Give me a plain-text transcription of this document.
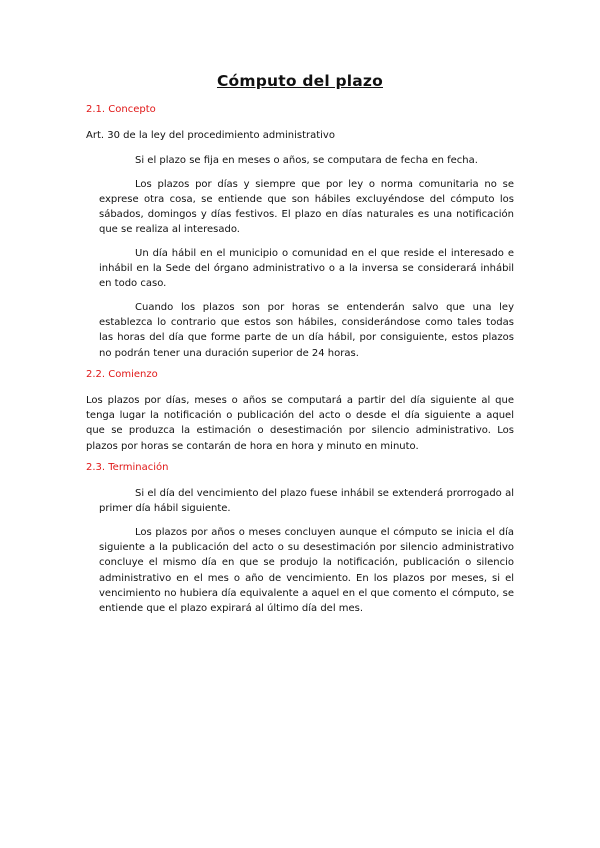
Cómputo del plazo
2.1. Concepto

Art. 30 de la ley del procedimiento administrativo

Si el plazo se fija en meses o años, se computara de fecha en fecha.

Los plazos por días y siempre que por ley o norma comunitaria no se exprese otra cosa, se entiende que son hábiles excluyéndose del cómputo los sábados, domingos y días festivos. El plazo en días naturales es una notificación que se realiza al interesado.

Un día hábil en el municipio o comunidad en el que reside el interesado e inhábil en la Sede del órgano administrativo o a la inversa se considerará inhábil en todo caso.

Cuando los plazos son por horas se entenderán salvo que una ley establezca lo contrario que estos son hábiles, considerándose como tales todas las horas del día que forme parte de un día hábil, por consiguiente, estos plazos no podrán tener una duración superior de 24 horas.

2.2. Comienzo

Los plazos por días, meses o años se computará a partir del día siguiente al que tenga lugar la notificación o publicación del acto o desde el día siguiente a aquel que se produzca la estimación o desestimación por silencio administrativo. Los plazos por horas se contarán de hora en hora y minuto en minuto.

2.3. Terminación

Si el día del vencimiento del plazo fuese inhábil se extenderá prorrogado al primer día hábil siguiente.

Los plazos por años o meses concluyen aunque el cómputo se inicia el día siguiente a la publicación del acto o su desestimación por silencio administrativo concluye el mismo día en que se produjo la notificación, publicación o silencio administrativo en el mes o año de vencimiento. En los plazos por meses, si el vencimiento no hubiera día equivalente a aquel en el que comento el cómputo, se entiende que el plazo expirará al último día del mes.
